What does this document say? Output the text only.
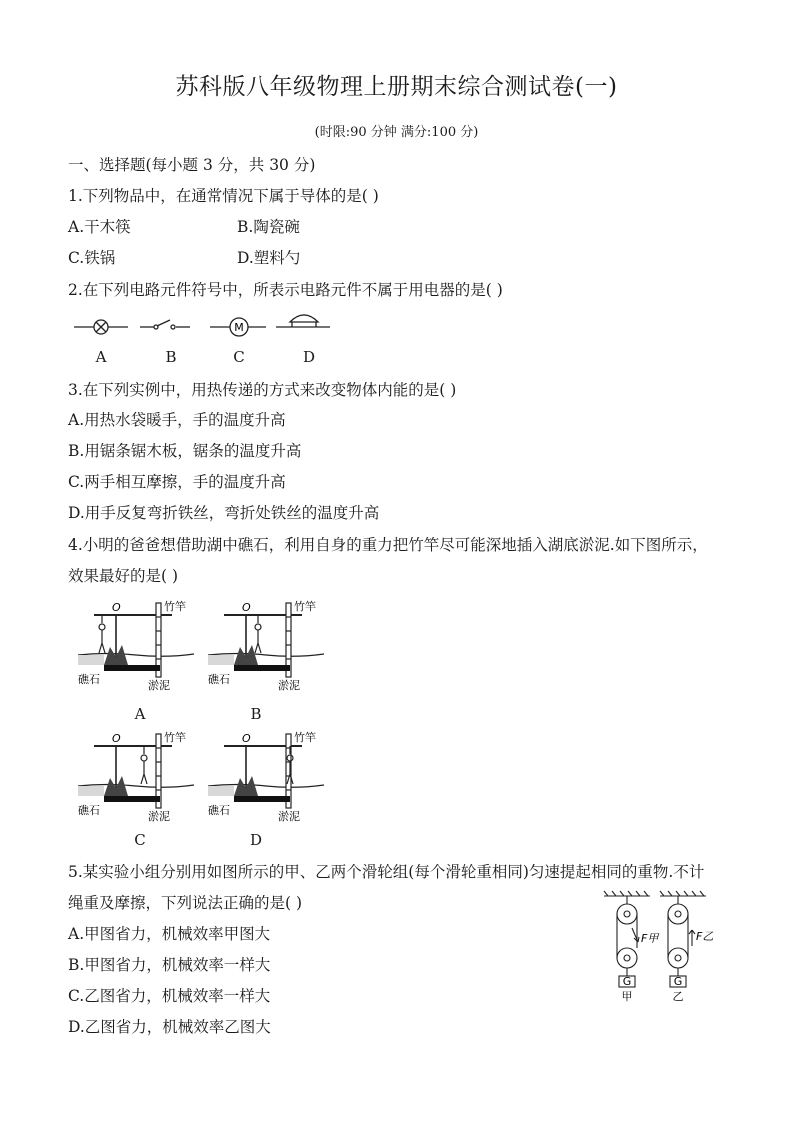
苏科版八年级物理上册期末综合测试卷(一)
(时限:90 分钟 满分:100 分)
一、选择题(每小题 3 分，共 30 分)
1.下列物品中，在通常情况下属于导体的是( )
A.干木筷	B.陶瓷碗
C.铁锅	D.塑料勺
2.在下列电路元件符号中，所表示电路元件不属于用电器的是( )
M
A	B	C	D
3.在下列实例中，用热传递的方式来改变物体内能的是( )
A.用热水袋暖手，手的温度升高
B.用锯条锯木板，锯条的温度升高
C.两手相互摩擦，手的温度升高
D.用手反复弯折铁丝，弯折处铁丝的温度升高
4.小明的爸爸想借助湖中礁石，利用自身的重力把竹竿尽可能深地插入湖底淤泥.如下图所示，
效果最好的是( )
O	竹竿
礁石	淤泥
O	竹竿
礁石	淤泥
O	竹竿
礁石	淤泥
O	竹竿
礁石	淤泥
A	B
C	D
5.某实验小组分别用如图所示的甲、乙两个滑轮组(每个滑轮重相同)匀速提起相同的重物.不计
绳重及摩擦，下列说法正确的是( )
A.甲图省力，机械效率甲图大
B.甲图省力，机械效率一样大
C.乙图省力，机械效率一样大
D.乙图省力，机械效率乙图大
G	G
F甲	F乙
甲	乙
